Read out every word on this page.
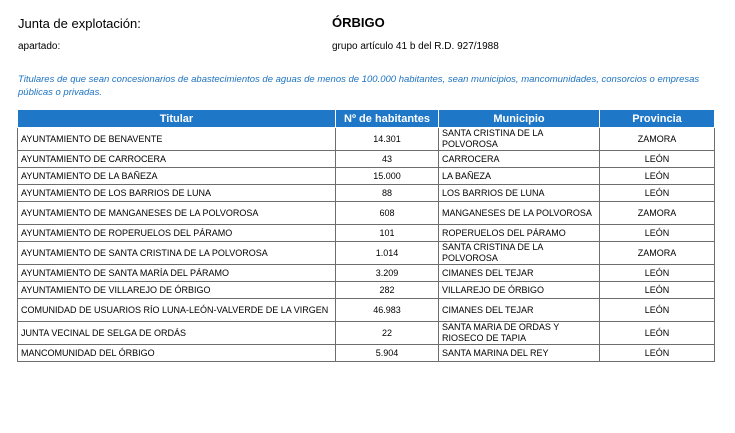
Junta de explotación:	ÓRBIGO
apartado:	grupo artículo 41 b del R.D. 927/1988
Titulares de que sean concesionarios de abastecimientos de aguas de menos de 100.000 habitantes, sean municipios, mancomunidades, consorcios o empresas públicas o privadas.
Titular	Nº de habitantes	Municipio	Provincia
AYUNTAMIENTO DE BENAVENTE	14.301	SANTA CRISTINA DE LA POLVOROSA	ZAMORA
AYUNTAMIENTO DE CARROCERA	43	CARROCERA	LEÓN
AYUNTAMIENTO DE LA BAÑEZA	15.000	LA BAÑEZA	LEÓN
AYUNTAMIENTO DE LOS BARRIOS DE LUNA	88	LOS BARRIOS DE LUNA	LEÓN
AYUNTAMIENTO DE MANGANESES DE LA POLVOROSA	608	MANGANESES DE LA POLVOROSA	ZAMORA
AYUNTAMIENTO DE ROPERUELOS DEL PÁRAMO	101	ROPERUELOS DEL PÁRAMO	LEÓN
AYUNTAMIENTO DE SANTA CRISTINA DE LA POLVOROSA	1.014	SANTA CRISTINA DE LA POLVOROSA	ZAMORA
AYUNTAMIENTO DE SANTA MARÍA DEL PÁRAMO	3.209	CIMANES DEL TEJAR	LEÓN
AYUNTAMIENTO DE VILLAREJO DE ÓRBIGO	282	VILLAREJO DE ÓRBIGO	LEÓN
COMUNIDAD DE USUARIOS RÍO LUNA-LEÓN-VALVERDE DE LA VIRGEN	46.983	CIMANES DEL TEJAR	LEÓN
JUNTA VECINAL DE SELGA DE ORDÁS	22	SANTA MARIA DE ORDAS Y RIOSECO DE TAPIA	LEÓN
MANCOMUNIDAD DEL ÓRBIGO	5.904	SANTA MARINA DEL REY	LEÓN
